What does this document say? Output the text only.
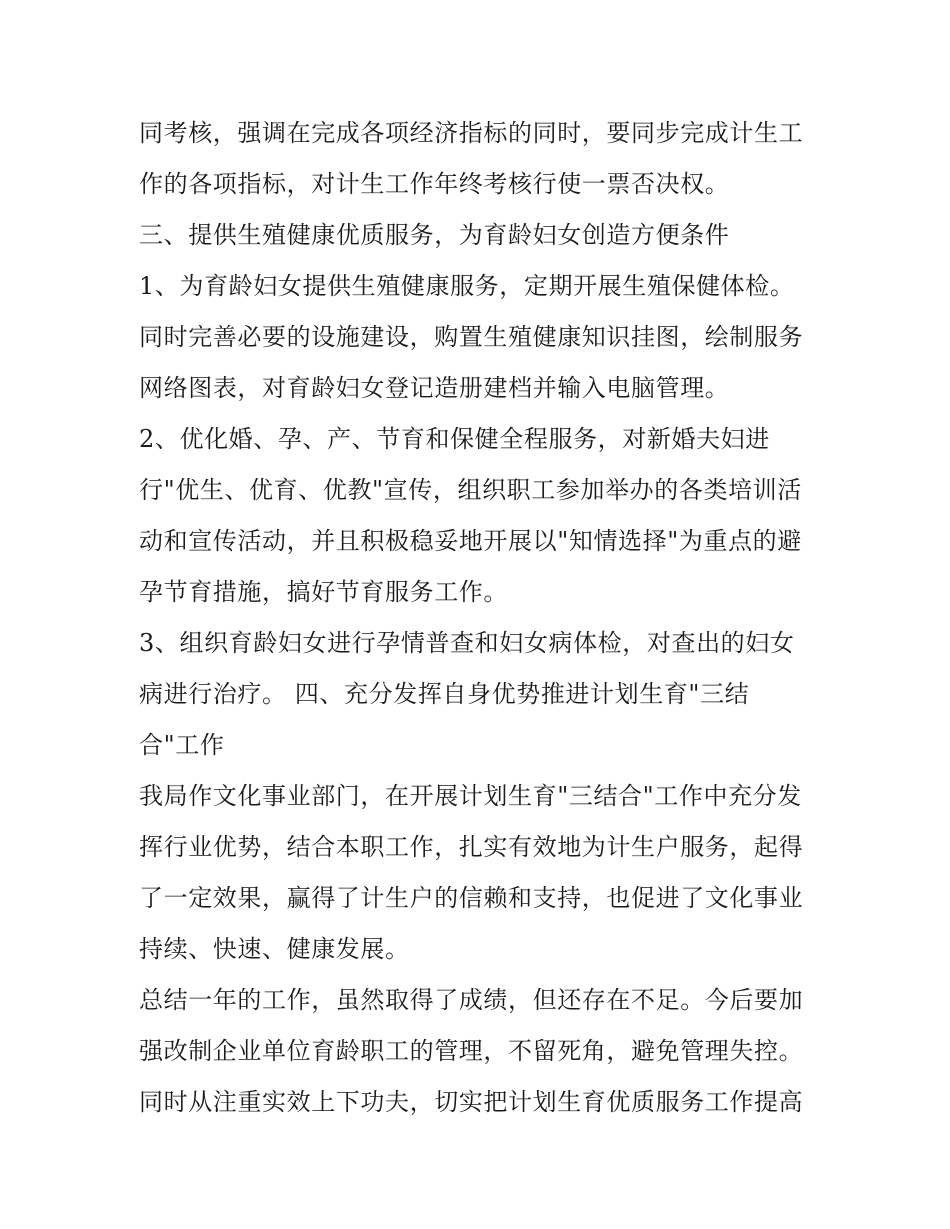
同考核，强调在完成各项经济指标的同时，要同步完成计生工
作的各项指标，对计生工作年终考核行使一票否决权。
三、提供生殖健康优质服务，为育龄妇女创造方便条件
1、为育龄妇女提供生殖健康服务，定期开展生殖保健体检。
同时完善必要的设施建设，购置生殖健康知识挂图，绘制服务
网络图表，对育龄妇女登记造册建档并输入电脑管理。
2、优化婚、孕、产、节育和保健全程服务，对新婚夫妇进
行"优生、优育、优教"宣传，组织职工参加举办的各类培训活
动和宣传活动，并且积极稳妥地开展以"知情选择"为重点的避
孕节育措施，搞好节育服务工作。
3、组织育龄妇女进行孕情普查和妇女病体检，对查出的妇女
病进行治疗。 四、充分发挥自身优势推进计划生育"三结
合"工作
我局作文化事业部门，在开展计划生育"三结合"工作中充分发
挥行业优势，结合本职工作，扎实有效地为计生户服务，起得
了一定效果，赢得了计生户的信赖和支持，也促进了文化事业
持续、快速、健康发展。
总结一年的工作，虽然取得了成绩，但还存在不足。今后要加
强改制企业单位育龄职工的管理，不留死角，避免管理失控。
同时从注重实效上下功夫，切实把计划生育优质服务工作提高
